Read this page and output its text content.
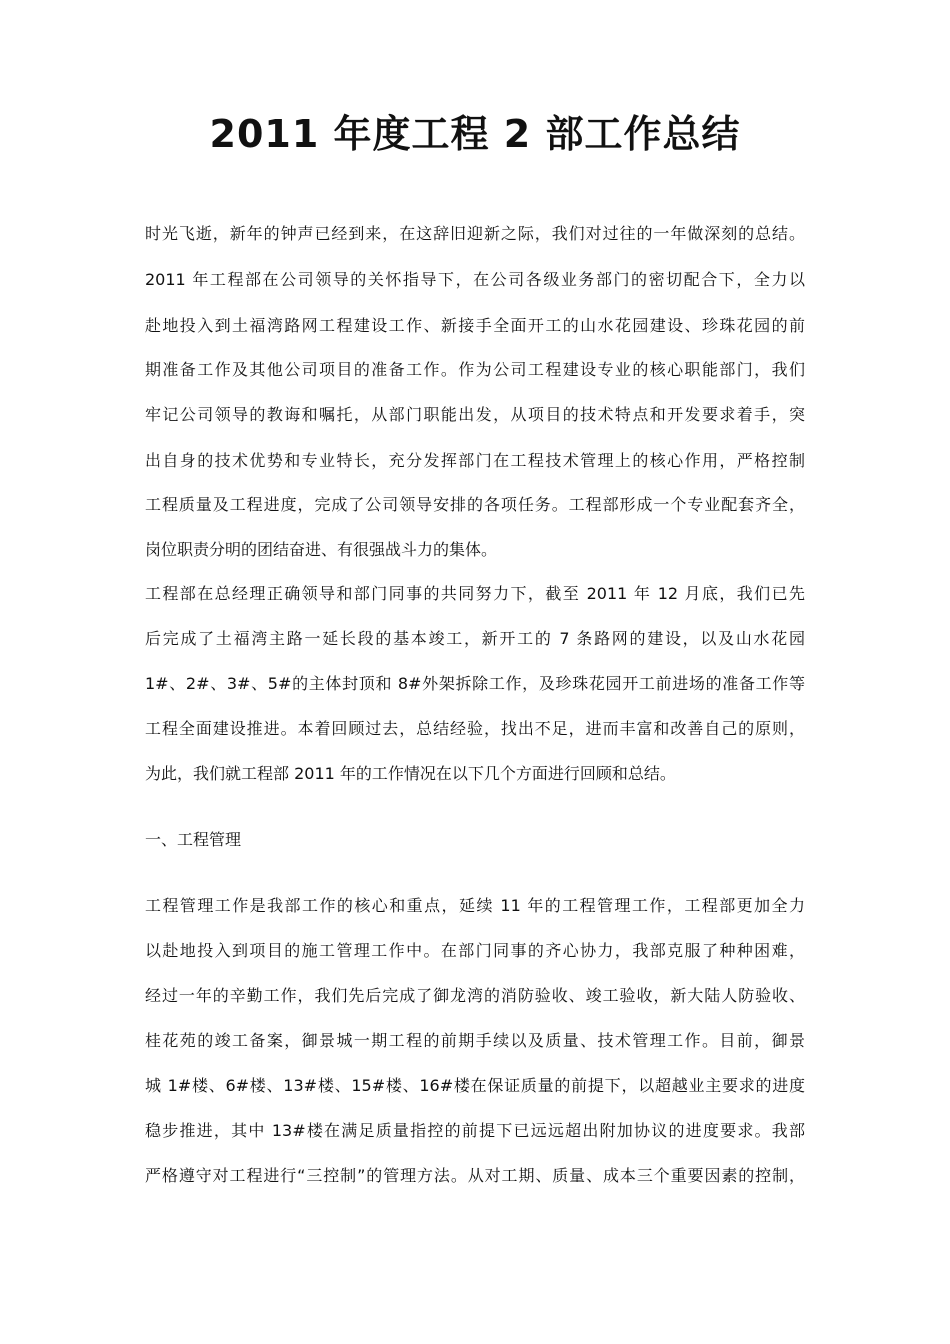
2011 年度工程 2 部工作总结
时光飞逝，新年的钟声已经到来，在这辞旧迎新之际，我们对过往的一年做深刻的总结。
2011 年工程部在公司领导的关怀指导下，在公司各级业务部门的密切配合下，全力以
赴地投入到土福湾路网工程建设工作、新接手全面开工的山水花园建设、珍珠花园的前
期准备工作及其他公司项目的准备工作。作为公司工程建设专业的核心职能部门，我们
牢记公司领导的教诲和嘱托，从部门职能出发，从项目的技术特点和开发要求着手，突
出自身的技术优势和专业特长，充分发挥部门在工程技术管理上的核心作用，严格控制
工程质量及工程进度，完成了公司领导安排的各项任务。工程部形成一个专业配套齐全，
岗位职责分明的团结奋进、有很强战斗力的集体。
工程部在总经理正确领导和部门同事的共同努力下，截至 2011 年 12 月底，我们已先
后完成了土福湾主路一延长段的基本竣工，新开工的 7 条路网的建设，以及山水花园
1#、2#、3#、5#的主体封顶和 8#外架拆除工作，及珍珠花园开工前进场的准备工作等
工程全面建设推进。本着回顾过去，总结经验，找出不足，进而丰富和改善自己的原则，
为此，我们就工程部 2011 年的工作情况在以下几个方面进行回顾和总结。
一、工程管理
工程管理工作是我部工作的核心和重点，延续 11 年的工程管理工作，工程部更加全力
以赴地投入到项目的施工管理工作中。在部门同事的齐心协力，我部克服了种种困难，
经过一年的辛勤工作，我们先后完成了御龙湾的消防验收、竣工验收，新大陆人防验收、
桂花苑的竣工备案，御景城一期工程的前期手续以及质量、技术管理工作。目前，御景
城 1#楼、6#楼、13#楼、15#楼、16#楼在保证质量的前提下，以超越业主要求的进度
稳步推进，其中 13#楼在满足质量指控的前提下已远远超出附加协议的进度要求。我部
严格遵守对工程进行“三控制”的管理方法。从对工期、质量、成本三个重要因素的控制，
